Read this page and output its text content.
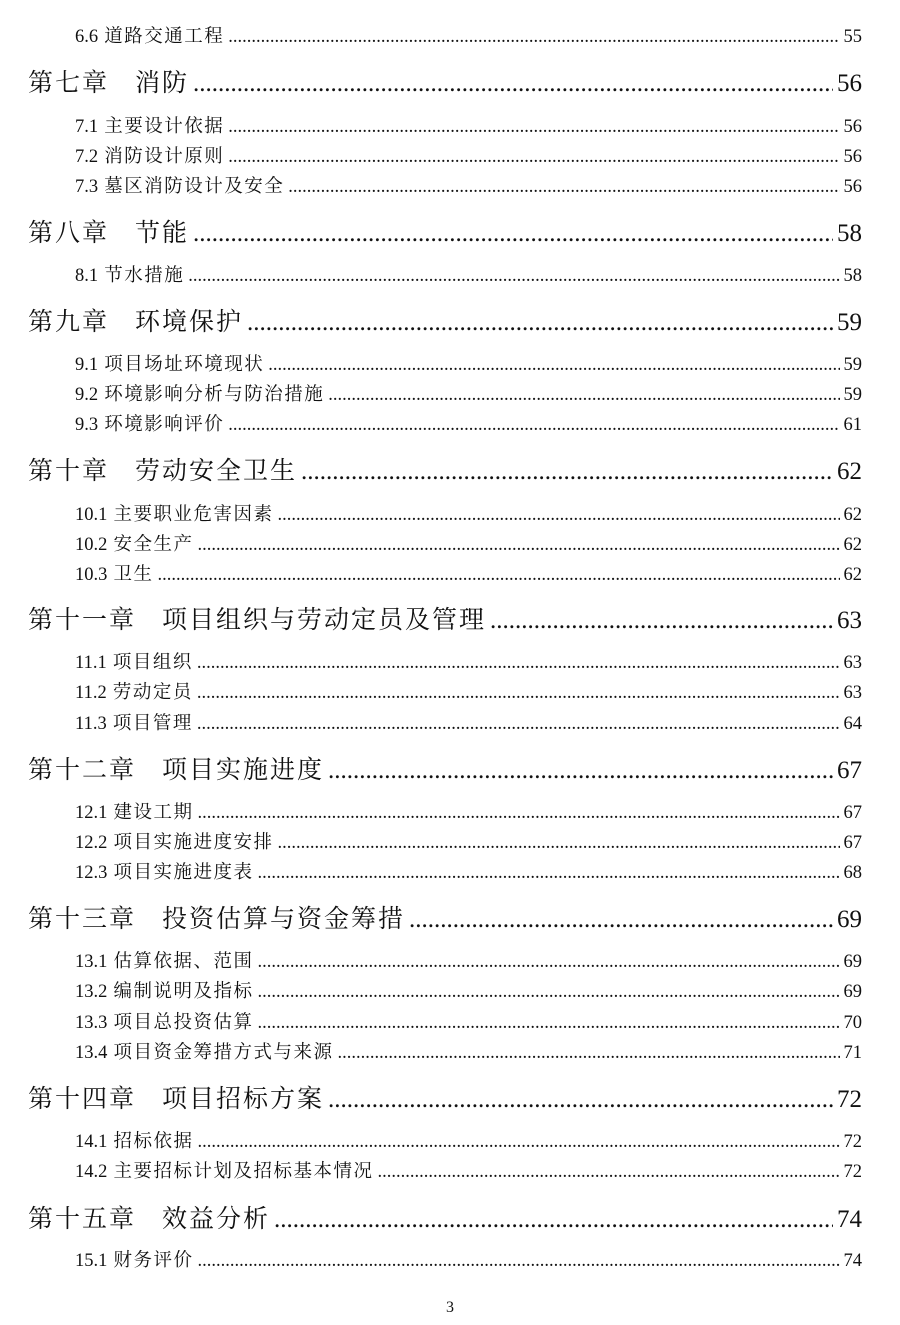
6.6 道路交通工程 .....	55
第七章 消防 .....	56
7.1 主要设计依据 .....	56
7.2 消防设计原则 .....	56
7.3 墓区消防设计及安全 .....	56
第八章 节能 .....	58
8.1 节水措施 .....	58
第九章 环境保护 .....	59
9.1 项目场址环境现状 .....	59
9.2 环境影响分析与防治措施 .....	59
9.3 环境影响评价 .....	61
第十章 劳动安全卫生 .....	62
10.1 主要职业危害因素 .....	62
10.2 安全生产 .....	62
10.3 卫生 .....	62
第十一章 项目组织与劳动定员及管理 .....	63
11.1 项目组织 .....	63
11.2 劳动定员 .....	63
11.3 项目管理 .....	64
第十二章 项目实施进度 .....	67
12.1 建设工期 .....	67
12.2 项目实施进度安排 .....	67
12.3 项目实施进度表 .....	68
第十三章 投资估算与资金筹措 .....	69
13.1 估算依据、范围 .....	69
13.2 编制说明及指标 .....	69
13.3 项目总投资估算 .....	70
13.4 项目资金筹措方式与来源 .....	71
第十四章 项目招标方案 .....	72
14.1 招标依据 .....	72
14.2 主要招标计划及招标基本情况 .....	72
第十五章 效益分析 .....	74
15.1 财务评价 .....	74
3
